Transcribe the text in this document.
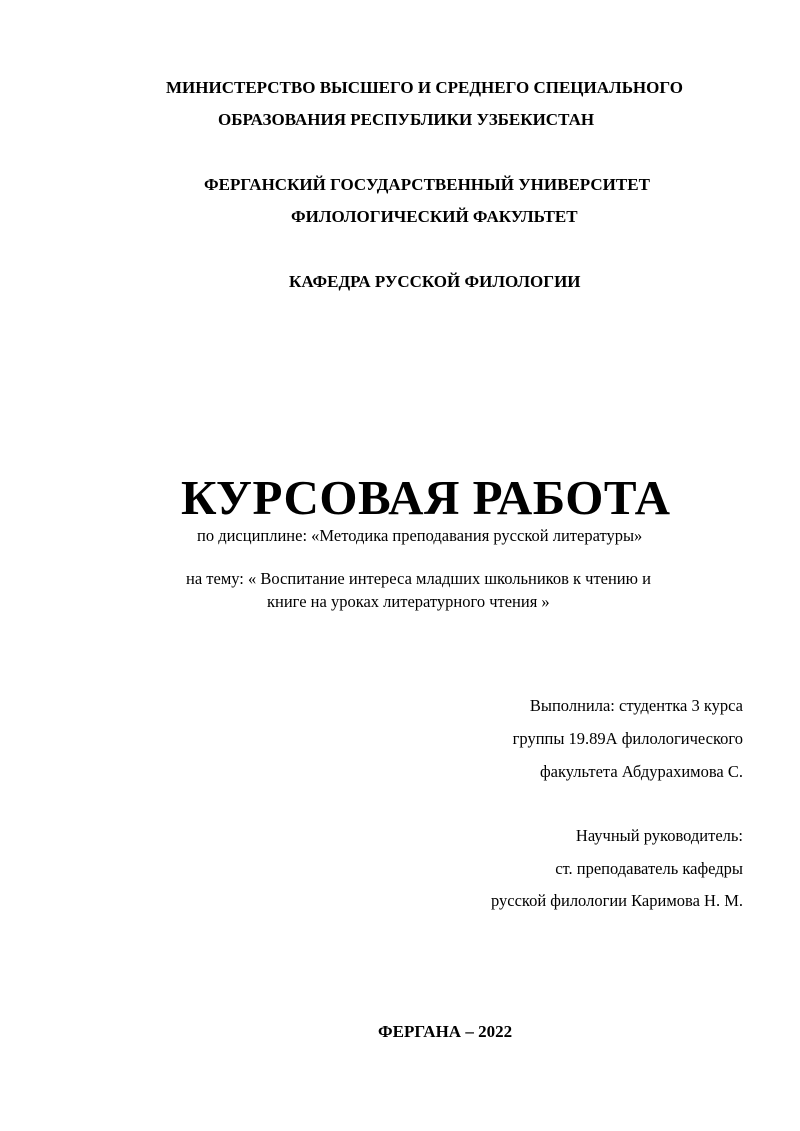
МИНИСТЕРСТВО ВЫСШЕГО И СРЕДНЕГО СПЕЦИАЛЬНОГО
ОБРАЗОВАНИЯ РЕСПУБЛИКИ УЗБЕКИСТАН
ФЕРГАНСКИЙ ГОСУДАРСТВЕННЫЙ УНИВЕРСИТЕТ
ФИЛОЛОГИЧЕСКИЙ ФАКУЛЬТЕТ
КАФЕДРА РУССКОЙ ФИЛОЛОГИИ
КУРСОВАЯ РАБОТА
по дисциплине: «Методика преподавания русской литературы»
на тему: « Воспитание интереса младших школьников к чтению и
книге на уроках литературного чтения »
Выполнила: студентка 3 курса
группы 19.89А филологического
факультета Абдурахимова С.
Научный руководитель:
ст. преподаватель кафедры
русской филологии Каримова Н. М.
ФЕРГАНА – 2022
